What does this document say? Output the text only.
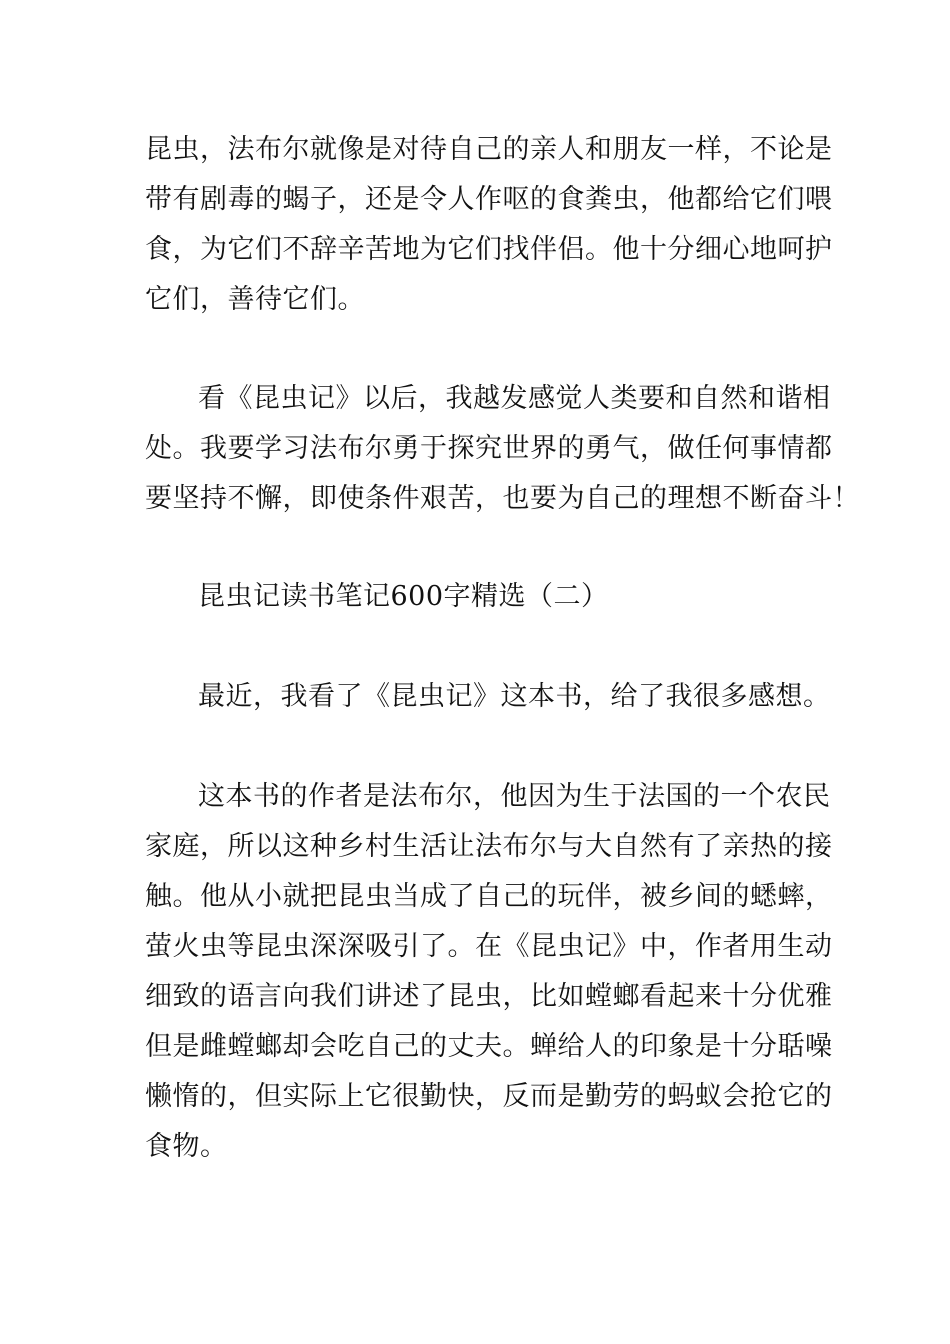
昆虫，法布尔就像是对待自己的亲人和朋友一样，不论是

带有剧毒的蝎子，还是令人作呕的食粪虫，他都给它们喂

食，为它们不辞辛苦地为它们找伴侣。他十分细心地呵护

它们，善待它们。

看《昆虫记》以后，我越发感觉人类要和自然和谐相

处。我要学习法布尔勇于探究世界的勇气，做任何事情都

要坚持不懈，即使条件艰苦，也要为自己的理想不断奋斗！

昆虫记读书笔记600字精选（二）

最近，我看了《昆虫记》这本书，给了我很多感想。

这本书的作者是法布尔，他因为生于法国的一个农民

家庭，所以这种乡村生活让法布尔与大自然有了亲热的接

触。他从小就把昆虫当成了自己的玩伴，被乡间的蟋蟀，

萤火虫等昆虫深深吸引了。在《昆虫记》中，作者用生动

细致的语言向我们讲述了昆虫，比如螳螂看起来十分优雅

但是雌螳螂却会吃自己的丈夫。蝉给人的印象是十分聒噪

懒惰的，但实际上它很勤快，反而是勤劳的蚂蚁会抢它的

食物。
